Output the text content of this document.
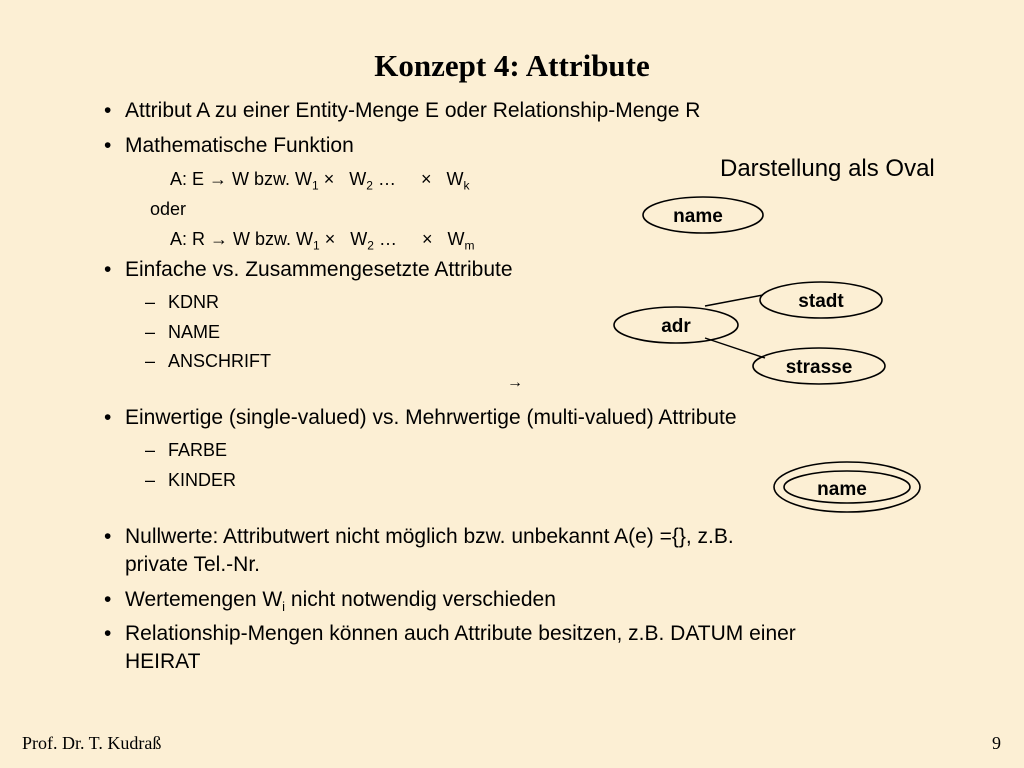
Konzept 4: Attribute
• Attribut A zu einer Entity-Menge E oder Relationship-Menge R
• Mathematische Funktion
A: E → W bzw. $W_1 \times W_2$ … × $W_k$
oder
A: R → W bzw. $W_1 \times W_2$ … × $W_m$
• Einfache vs. Zusammengesetzte Attribute
– KDNR
– NAME
– ANSCHRIFT
→
• Einwertige (single-valued) vs. Mehrwertige (multi-valued) Attribute
– FARBE
– KINDER
• Nullwerte: Attributwert nicht möglich bzw. unbekannt A(e) ={}, z.B.
private Tel.-Nr.
• Wertemengen $W_i$ nicht notwendig verschieden
• Relationship-Mengen können auch Attribute besitzen, z.B. DATUM einer
HEIRAT
Darstellung als Oval
name
adr
stadt
strasse
name
Prof. Dr. T. Kudraß	9
